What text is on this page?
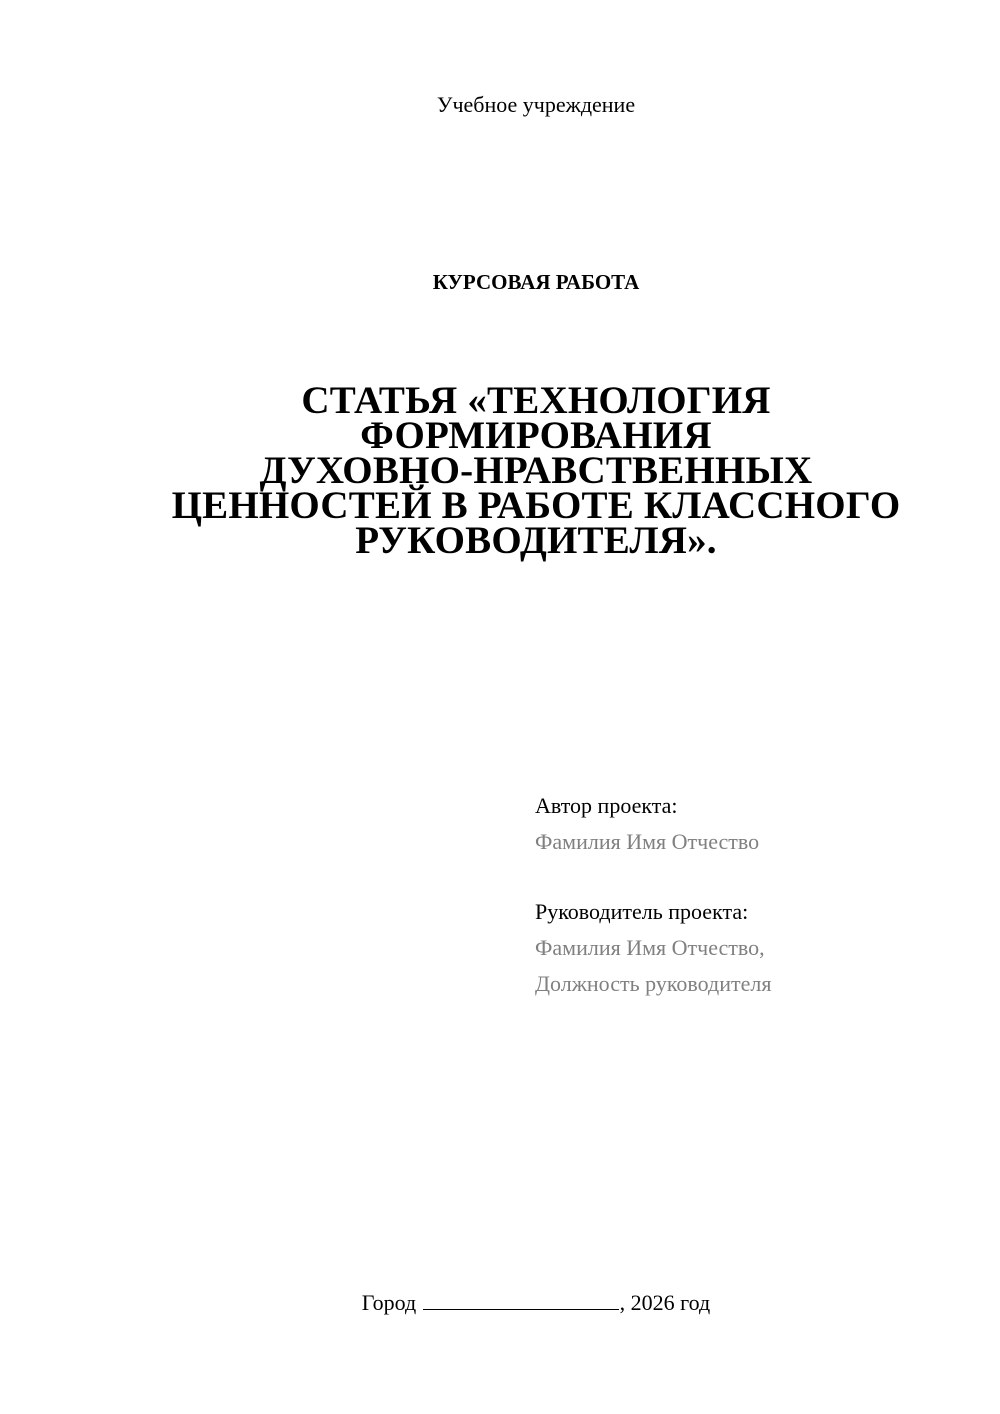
Учебное учреждение
КУРСОВАЯ РАБОТА
СТАТЬЯ «ТЕХНОЛОГИЯ
ФОРМИРОВАНИЯ
ДУХОВНО-НРАВСТВЕННЫХ
ЦЕННОСТЕЙ В РАБОТЕ КЛАССНОГО
РУКОВОДИТЕЛЯ».
Автор проекта:
Фамилия Имя Отчество
Руководитель проекта:
Фамилия Имя Отчество,
Должность руководителя
Город	, 2026 год
